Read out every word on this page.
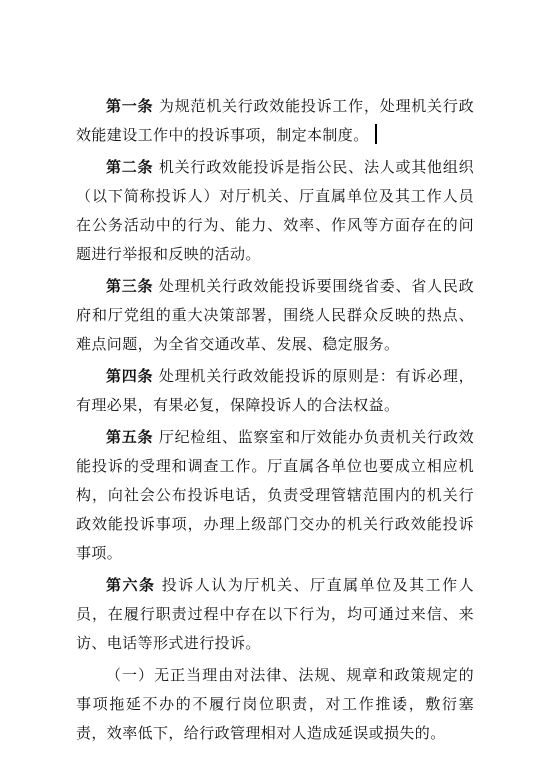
第一条 为规范机关行政效能投诉工作，处理机关行政效能建设工作中的投诉事项，制定本制度。

第二条 机关行政效能投诉是指公民、法人或其他组织（以下简称投诉人）对厅机关、厅直属单位及其工作人员在公务活动中的行为、能力、效率、作风等方面存在的问题进行举报和反映的活动。

第三条 处理机关行政效能投诉要围绕省委、省人民政府和厅党组的重大决策部署，围绕人民群众反映的热点、难点问题，为全省交通改革、发展、稳定服务。

第四条 处理机关行政效能投诉的原则是：有诉必理，有理必果，有果必复，保障投诉人的合法权益。

第五条 厅纪检组、监察室和厅效能办负责机关行政效能投诉的受理和调查工作。厅直属各单位也要成立相应机构，向社会公布投诉电话，负责受理管辖范围内的机关行政效能投诉事项，办理上级部门交办的机关行政效能投诉事项。

第六条 投诉人认为厅机关、厅直属单位及其工作人员，在履行职责过程中存在以下行为，均可通过来信、来访、电话等形式进行投诉。

（一）无正当理由对法律、法规、规章和政策规定的事项拖延不办的不履行岗位职责，对工作推诿，敷衍塞责，效率低下，给行政管理相对人造成延误或损失的。
